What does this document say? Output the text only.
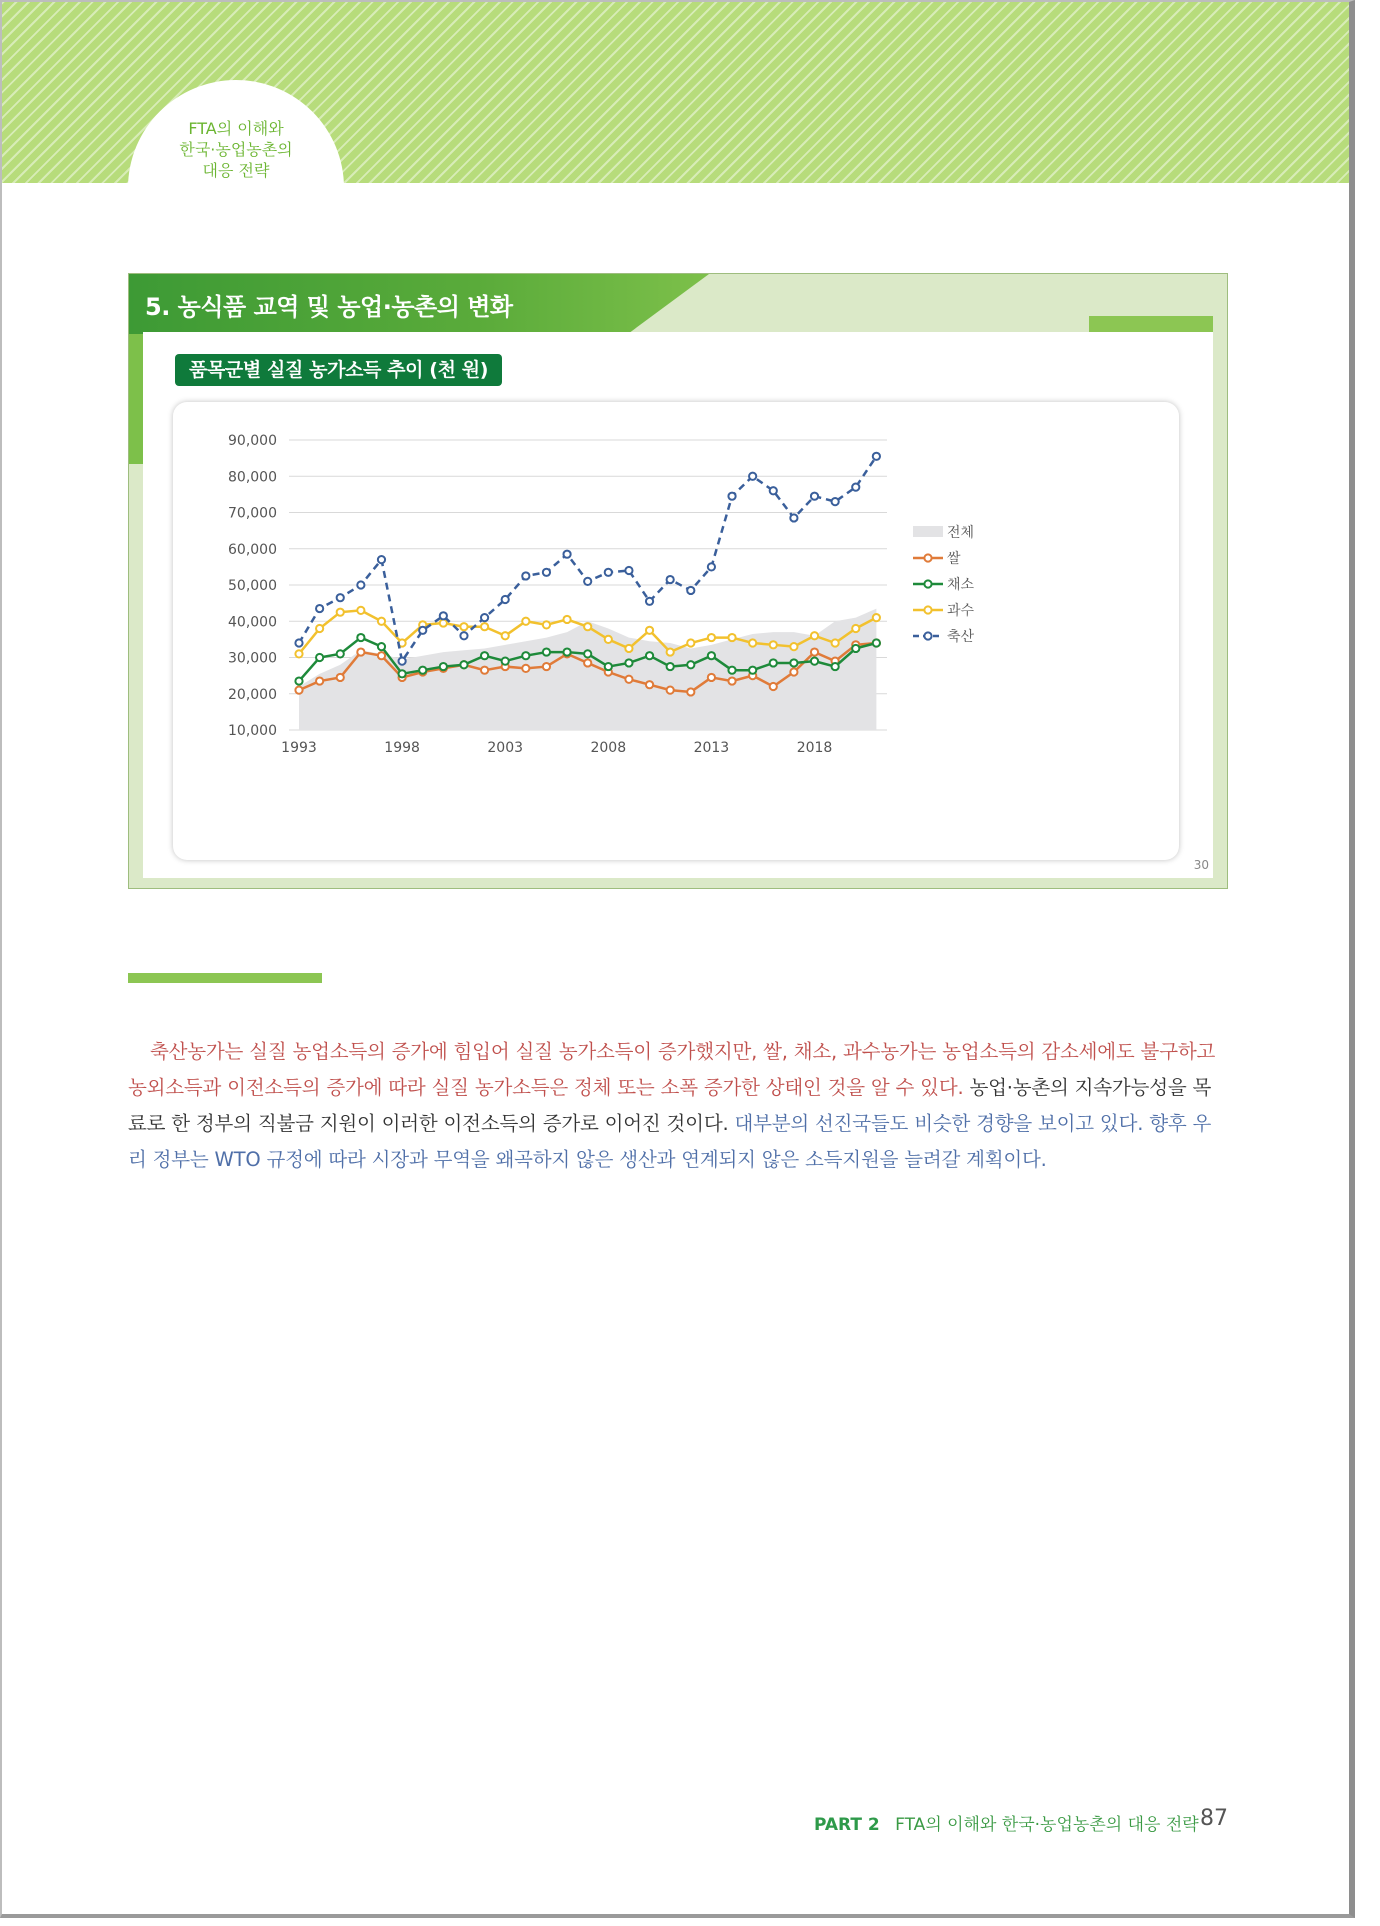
FTA의 이해와
한국·농업농촌의
대응 전략
5. 농식품 교역 및 농업·농촌의 변화
품목군별 실질 농가소득 추이 (천 원)
10,000
20,000
30,000
40,000
50,000
60,000
70,000
80,000
90,000
1993	1998	2003	2008	2013	2018
전체
쌀
채소
과수
축산
30

축산농가는 실질 농업소득의 증가에 힘입어 실질 농가소득이 증가했지만, 쌀, 채소, 과수농가는 농업소득의 감소세에도 불구하고 농외소득과 이전소득의 증가에 따라 실질 농가소득은 정체 또는 소폭 증가한 상태인 것을 알 수 있다. 농업·농촌의 지속가능성을 목료로 한 정부의 직불금 지원이 이러한 이전소득의 증가로 이어진 것이다. 대부분의 선진국들도 비슷한 경향을 보이고 있다. 향후 우리 정부는 WTO 규정에 따라 시장과 무역을 왜곡하지 않은 생산과 연계되지 않은 소득지원을 늘려갈 계획이다.

PART 2 FTA의 이해와 한국·농업농촌의 대응 전략 87
